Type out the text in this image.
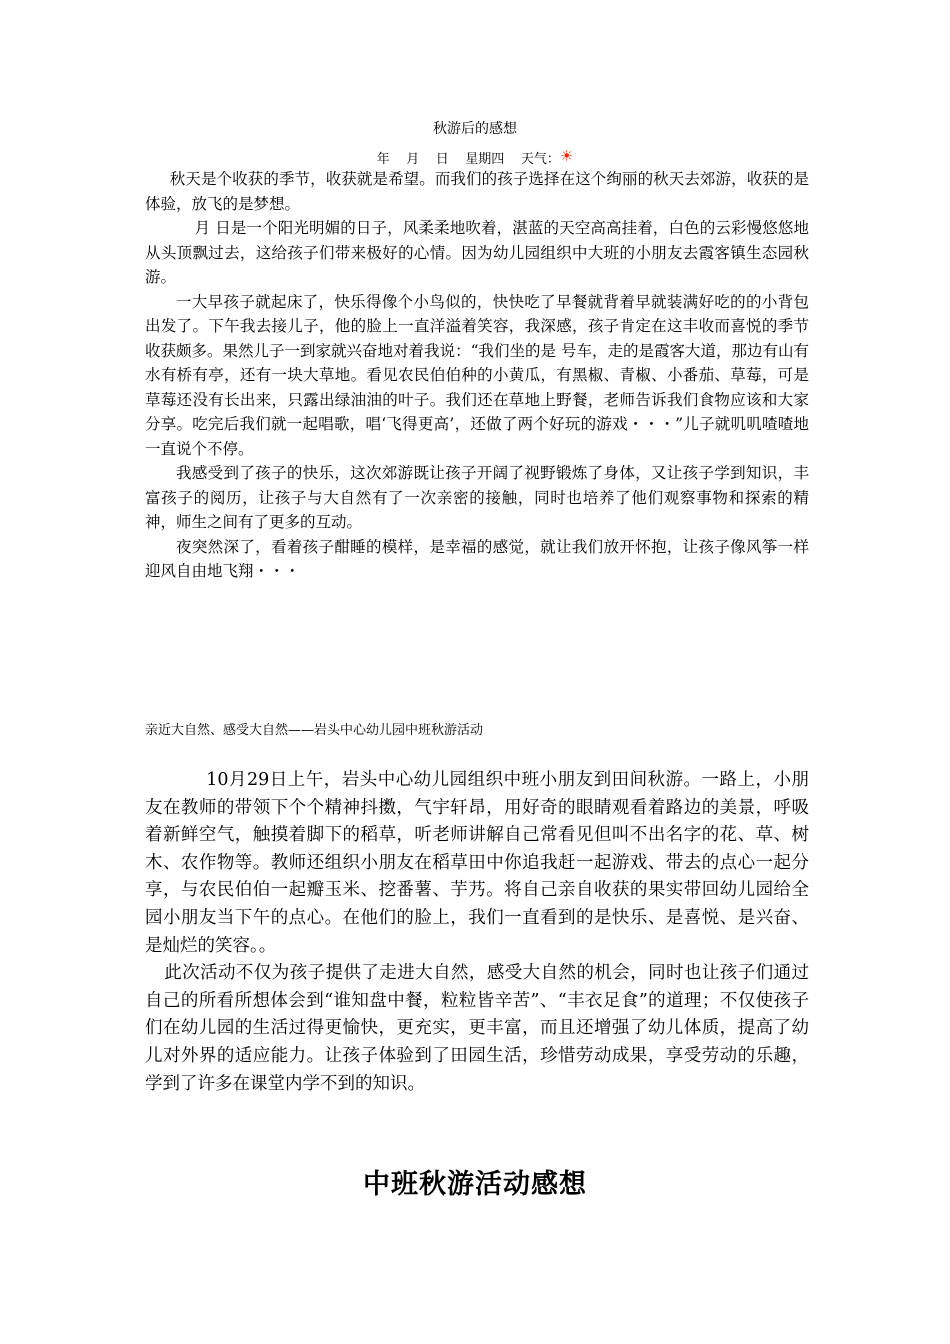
秋游后的感想
年    月    日    星期四    天气：☀

秋天是个收获的季节，收获就是希望。而我们的孩子选择在这个绚丽的秋天去郊游，收获的是体验，放飞的是梦想。

月 日是一个阳光明媚的日子，风柔柔地吹着，湛蓝的天空高高挂着，白色的云彩慢悠悠地从头顶飘过去，这给孩子们带来极好的心情。因为幼儿园组织中大班的小朋友去霞客镇生态园秋游。

一大早孩子就起床了，快乐得像个小鸟似的，快快吃了早餐就背着早就装满好吃的的小背包出发了。下午我去接儿子，他的脸上一直洋溢着笑容，我深感，孩子肯定在这丰收而喜悦的季节收获颇多。果然儿子一到家就兴奋地对着我说：“我们坐的是 号车，走的是霞客大道，那边有山有水有桥有亭，还有一块大草地。看见农民伯伯种的小黄瓜，有黑椒、青椒、小番茄、草莓，可是草莓还没有长出来，只露出绿油油的叶子。我们还在草地上野餐，老师告诉我们食物应该和大家分享。吃完后我们就一起唱歌，唱‘飞得更高’，还做了两个好玩的游戏・・・”儿子就叽叽喳喳地一直说个不停。

我感受到了孩子的快乐，这次郊游既让孩子开阔了视野锻炼了身体，又让孩子学到知识，丰富孩子的阅历，让孩子与大自然有了一次亲密的接触，同时也培养了他们观察事物和探索的精神，师生之间有了更多的互动。

夜突然深了，看着孩子酣睡的模样，是幸福的感觉，就让我们放开怀抱，让孩子像风筝一样迎风自由地飞翔・・・

亲近大自然、感受大自然——岩头中心幼儿园中班秋游活动

10月29日上午，岩头中心幼儿园组织中班小朋友到田间秋游。一路上，小朋友在教师的带领下个个精神抖擞，气宇轩昂，用好奇的眼睛观看着路边的美景，呼吸着新鲜空气，触摸着脚下的稻草，听老师讲解自己常看见但叫不出名字的花、草、树木、农作物等。教师还组织小朋友在稻草田中你追我赶一起游戏、带去的点心一起分享，与农民伯伯一起瓣玉米、挖番薯、芋艿。将自己亲自收获的果实带回幼儿园给全园小朋友当下午的点心。在他们的脸上，我们一直看到的是快乐、是喜悦、是兴奋、是灿烂的笑容。。

此次活动不仅为孩子提供了走进大自然，感受大自然的机会，同时也让孩子们通过自己的所看所想体会到“谁知盘中餐，粒粒皆辛苦”、“丰衣足食”的道理；不仅使孩子们在幼儿园的生活过得更愉快，更充实，更丰富，而且还增强了幼儿体质，提高了幼儿对外界的适应能力。让孩子体验到了田园生活，珍惜劳动成果，享受劳动的乐趣，学到了许多在课堂内学不到的知识。

中班秋游活动感想
